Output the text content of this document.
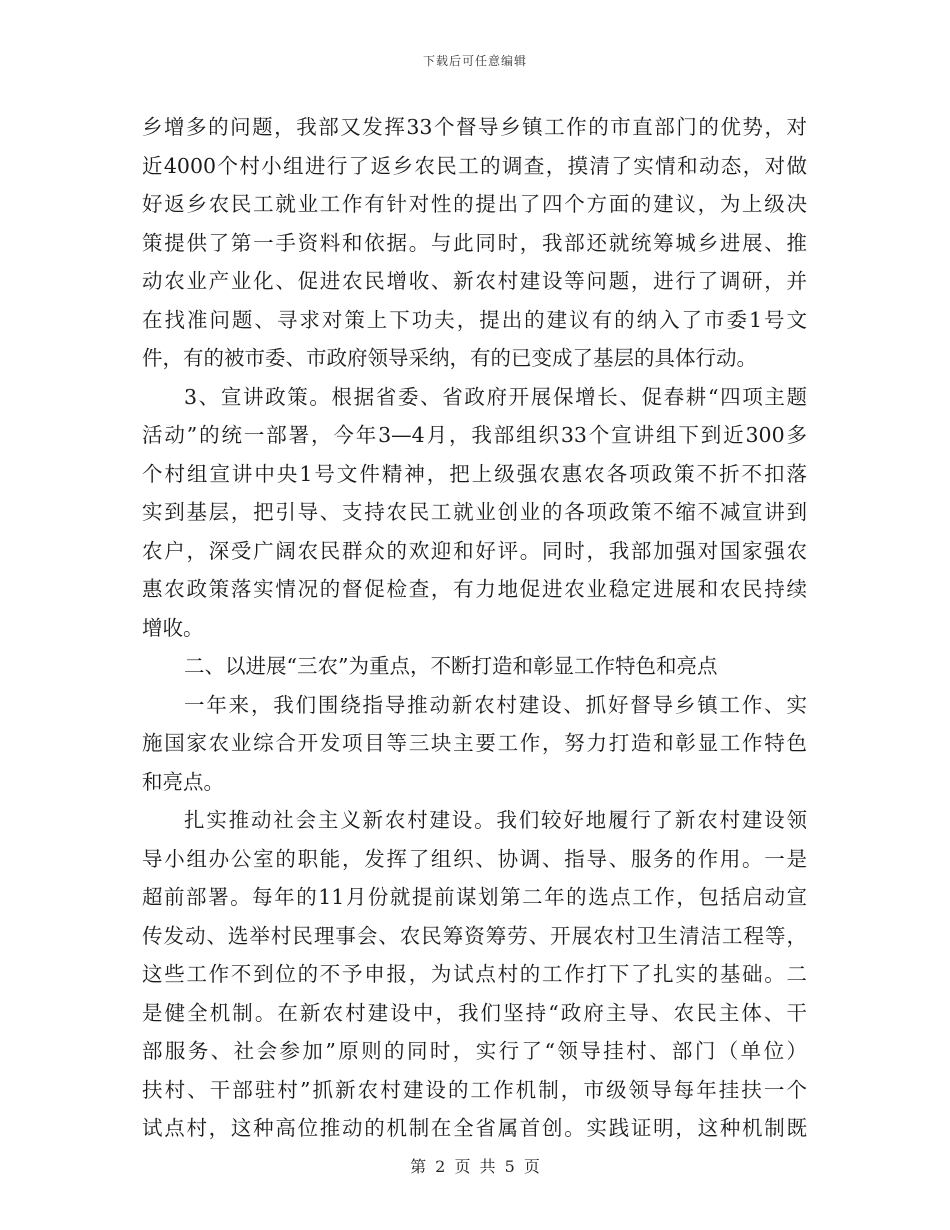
下载后可任意编辑
乡增多的问题，我部又发挥33个督导乡镇工作的市直部门的优势，对
近4000个村小组进行了返乡农民工的调查，摸清了实情和动态，对做
好返乡农民工就业工作有针对性的提出了四个方面的建议，为上级决
策提供了第一手资料和依据。与此同时，我部还就统筹城乡进展、推
动农业产业化、促进农民增收、新农村建设等问题，进行了调研，并
在找准问题、寻求对策上下功夫，提出的建议有的纳入了市委1号文
件，有的被市委、市政府领导采纳，有的已变成了基层的具体行动。
3、宣讲政策。根据省委、省政府开展保增长、促春耕“四项主题
活动”的统一部署，今年3—4月，我部组织33个宣讲组下到近300多
个村组宣讲中央1号文件精神，把上级强农惠农各项政策不折不扣落
实到基层，把引导、支持农民工就业创业的各项政策不缩不减宣讲到
农户，深受广阔农民群众的欢迎和好评。同时，我部加强对国家强农
惠农政策落实情况的督促检查，有力地促进农业稳定进展和农民持续
增收。
二、以进展“三农”为重点，不断打造和彰显工作特色和亮点
一年来，我们围绕指导推动新农村建设、抓好督导乡镇工作、实
施国家农业综合开发项目等三块主要工作，努力打造和彰显工作特色
和亮点。
扎实推动社会主义新农村建设。我们较好地履行了新农村建设领
导小组办公室的职能，发挥了组织、协调、指导、服务的作用。一是
超前部署。每年的11月份就提前谋划第二年的选点工作，包括启动宣
传发动、选举村民理事会、农民筹资筹劳、开展农村卫生清洁工程等，
这些工作不到位的不予申报，为试点村的工作打下了扎实的基础。二
是健全机制。在新农村建设中，我们坚持“政府主导、农民主体、干
部服务、社会参加”原则的同时，实行了“领导挂村、部门（单位）
扶村、干部驻村”抓新农村建设的工作机制，市级领导每年挂扶一个
试点村，这种高位推动的机制在全省属首创。实践证明，这种机制既
第 2 页 共 5 页
